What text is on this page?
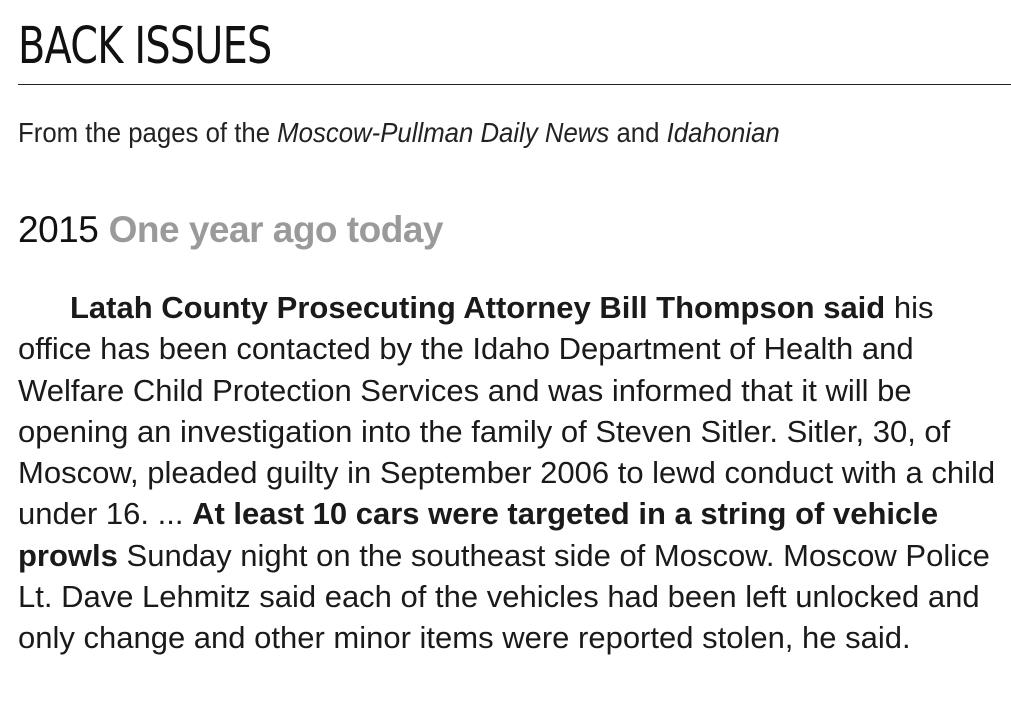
BACK ISSUES
From the pages of the Moscow-Pullman Daily News and Idahonian
2015 One year ago today

Latah County Prosecuting Attorney Bill Thompson said his office has been contacted by the Idaho Department of Health and Welfare Child Protection Services and was informed that it will be opening an investigation into the family of Steven Sitler. Sitler, 30, of Moscow, pleaded guilty in September 2006 to lewd conduct with a child under 16. ... At least 10 cars were targeted in a string of vehicle prowls Sunday night on the southeast side of Moscow. Moscow Police Lt. Dave Lehmitz said each of the vehicles had been left unlocked and only change and other minor items were reported stolen, he said.
